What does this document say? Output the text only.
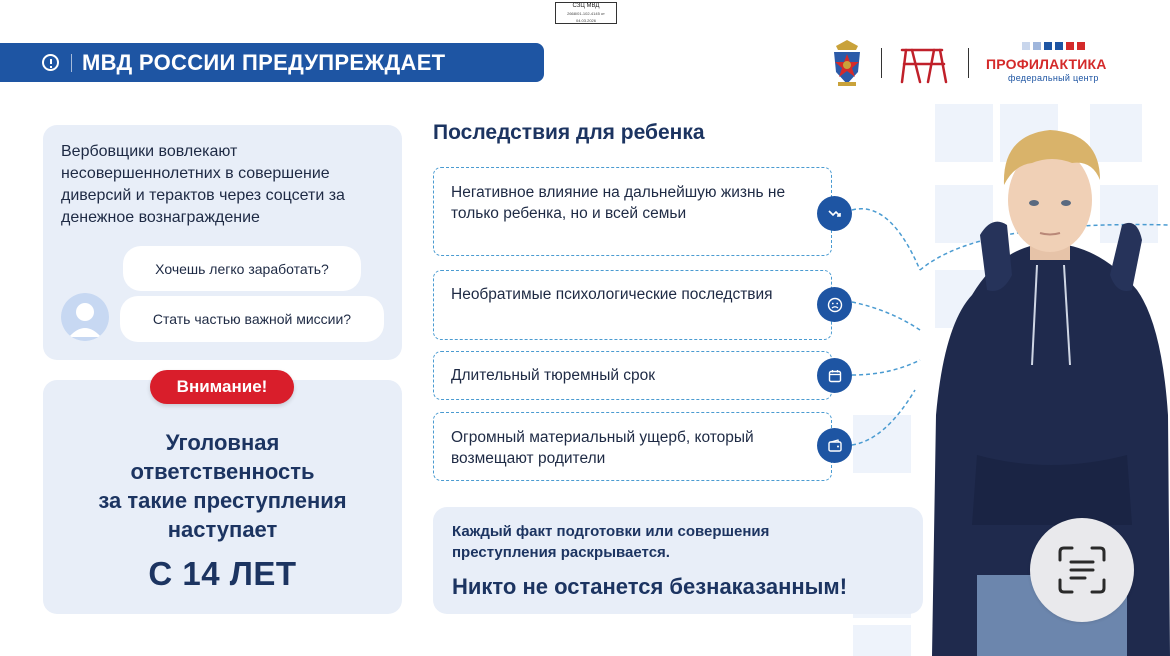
СЗЦ МВД
2668/01-102-4145 от
04.03.2026
МВД РОССИИ ПРЕДУПРЕЖДАЕТ	ПРОФИЛАКТИКА
федеральный центр
Вербовщики вовлекают несовершеннолетних в совершение диверсий и терактов через соцсети за денежное вознаграждение
Хочешь легко заработать?
Стать частью важной миссии?
Внимание!
Уголовная
ответственность
за такие преступления
наступает
С 14 ЛЕТ
Последствия для ребенка
Негативное влияние на дальнейшую жизнь не только ребенка, но и всей семьи
Необратимые психологические последствия
Длительный тюремный срок
Огромный материальный ущерб, который возмещают родители
Каждый факт подготовки или совершения преступления раскрывается.
Никто не останется безнаказанным!
